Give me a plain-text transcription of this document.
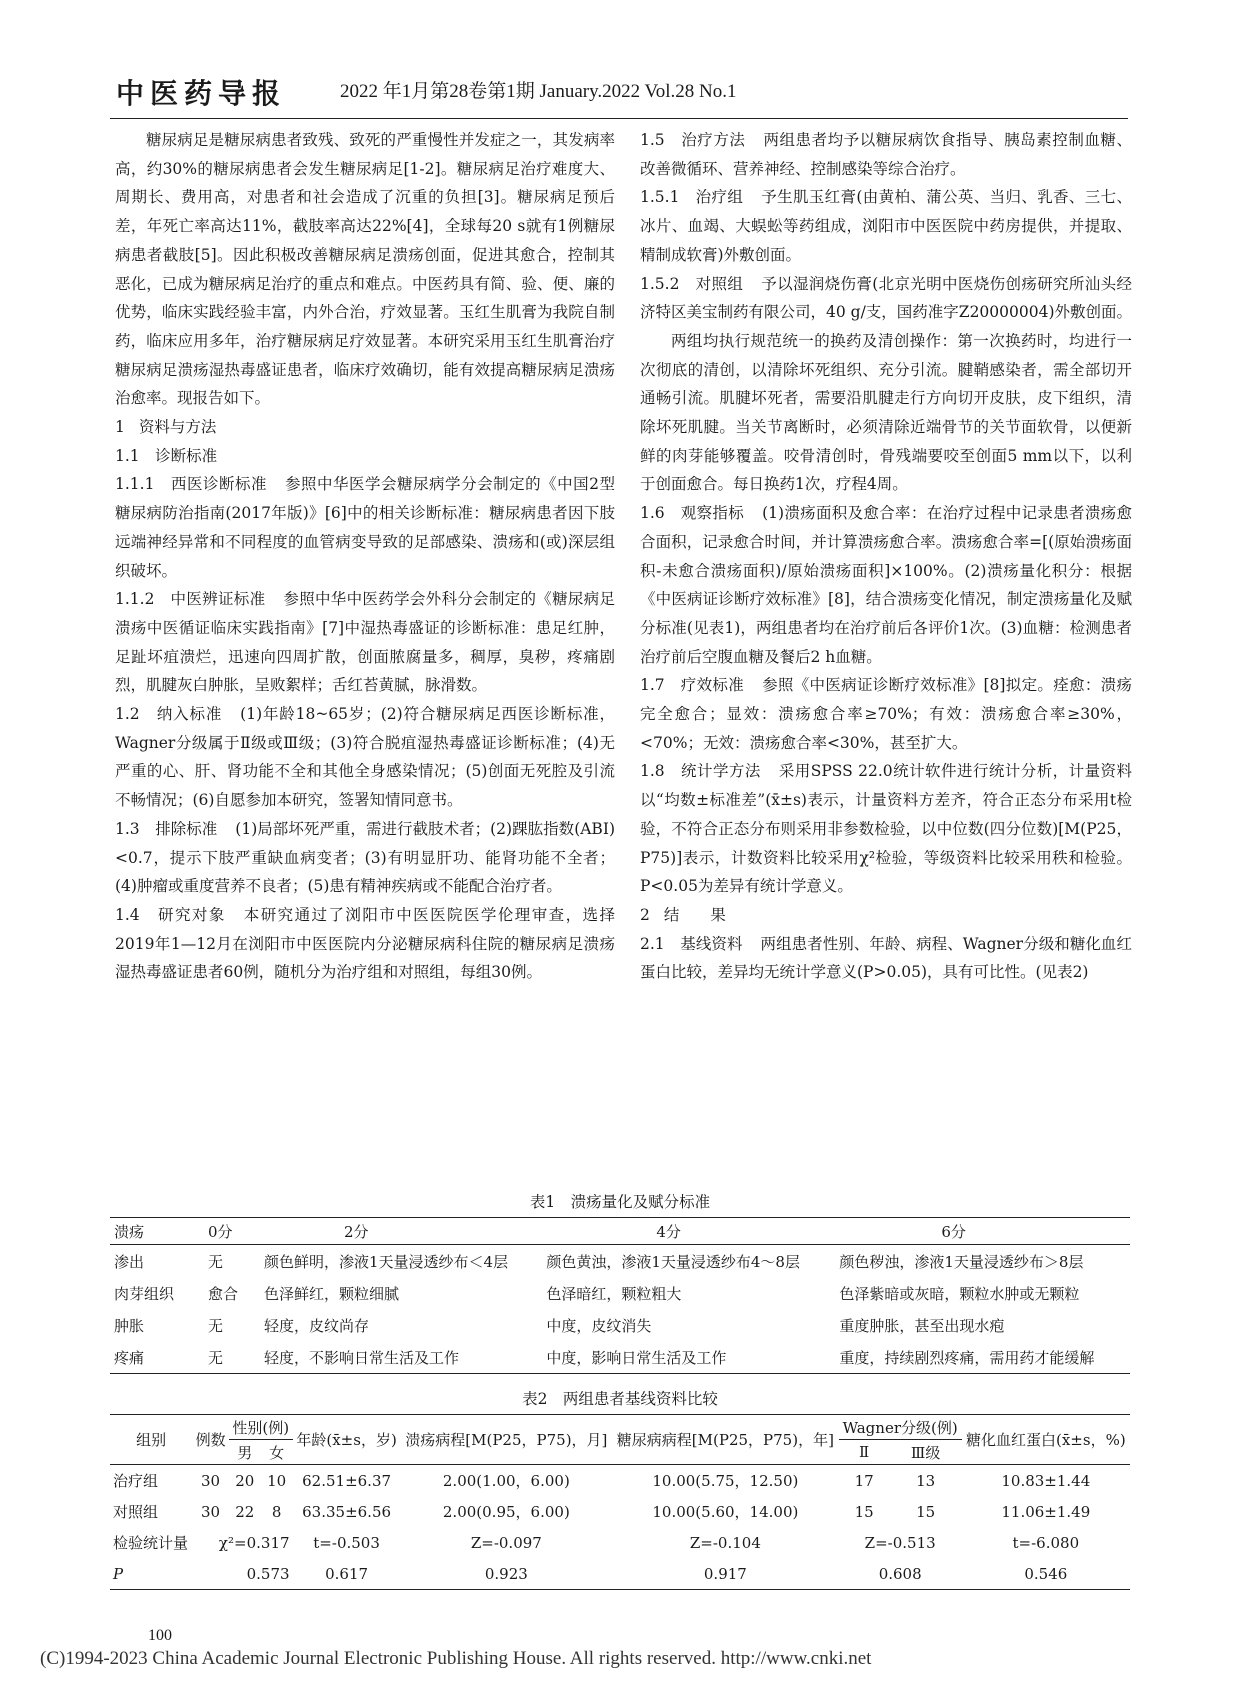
中医药导报	2022 年1月第28卷第1期 January.2022 Vol.28 No.1

糖尿病足是糖尿病患者致残、致死的严重慢性并发症之一，其发病率高，约30%的糖尿病患者会发生糖尿病足[1-2]。糖尿病足治疗难度大、周期长、费用高，对患者和社会造成了沉重的负担[3]。糖尿病足预后差，年死亡率高达11%，截肢率高达22%[4]，全球每20 s就有1例糖尿病患者截肢[5]。因此积极改善糖尿病足溃疡创面，促进其愈合，控制其恶化，已成为糖尿病足治疗的重点和难点。中医药具有简、验、便、廉的优势，临床实践经验丰富，内外合治，疗效显著。玉红生肌膏为我院自制药，临床应用多年，治疗糖尿病足疗效显著。本研究采用玉红生肌膏治疗糖尿病足溃疡湿热毒盛证患者，临床疗效确切，能有效提高糖尿病足溃疡治愈率。现报告如下。

1 资料与方法

1.1　诊断标准

1.1.1　西医诊断标准 参照中华医学会糖尿病学分会制定的《中国2型糖尿病防治指南(2017年版)》[6]中的相关诊断标准：糖尿病患者因下肢远端神经异常和不同程度的血管病变导致的足部感染、溃疡和(或)深层组织破坏。

1.1.2　中医辨证标准 参照中华中医药学会外科分会制定的《糖尿病足溃疡中医循证临床实践指南》[7]中湿热毒盛证的诊断标准：患足红肿，足趾坏疽溃烂，迅速向四周扩散，创面脓腐量多，稠厚，臭秽，疼痛剧烈，肌腱灰白肿胀，呈败絮样；舌红苔黄腻，脉滑数。

1.2　纳入标准 (1)年龄18~65岁；(2)符合糖尿病足西医诊断标准，Wagner分级属于Ⅱ级或Ⅲ级；(3)符合脱疽湿热毒盛证诊断标准；(4)无严重的心、肝、肾功能不全和其他全身感染情况；(5)创面无死腔及引流不畅情况；(6)自愿参加本研究，签署知情同意书。

1.3　排除标准 (1)局部坏死严重，需进行截肢术者；(2)踝肱指数(ABI)<0.7，提示下肢严重缺血病变者；(3)有明显肝功、能肾功能不全者；(4)肿瘤或重度营养不良者；(5)患有精神疾病或不能配合治疗者。

1.4　研究对象 本研究通过了浏阳市中医医院医学伦理审查，选择2019年1—12月在浏阳市中医医院内分泌糖尿病科住院的糖尿病足溃疡湿热毒盛证患者60例，随机分为治疗组和对照组，每组30例。

1.5　治疗方法 两组患者均予以糖尿病饮食指导、胰岛素控制血糖、改善微循环、营养神经、控制感染等综合治疗。

1.5.1　治疗组 予生肌玉红膏(由黄柏、蒲公英、当归、乳香、三七、冰片、血竭、大蜈蚣等药组成，浏阳市中医医院中药房提供，并提取、精制成软膏)外敷创面。

1.5.2　对照组 予以湿润烧伤膏(北京光明中医烧伤创疡研究所汕头经济特区美宝制药有限公司，40 g/支，国药准字Z20000004)外敷创面。

两组均执行规范统一的换药及清创操作：第一次换药时，均进行一次彻底的清创，以清除坏死组织、充分引流。腱鞘感染者，需全部切开通畅引流。肌腱坏死者，需要沿肌腱走行方向切开皮肤，皮下组织，清除坏死肌腱。当关节离断时，必须清除近端骨节的关节面软骨，以便新鲜的肉芽能够覆盖。咬骨清创时，骨残端要咬至创面5 mm以下，以利于创面愈合。每日换药1次，疗程4周。

1.6　观察指标 (1)溃疡面积及愈合率：在治疗过程中记录患者溃疡愈合面积，记录愈合时间，并计算溃疡愈合率。溃疡愈合率=[(原始溃疡面积-未愈合溃疡面积)/原始溃疡面积]×100%。(2)溃疡量化积分：根据《中医病证诊断疗效标准》[8]，结合溃疡变化情况，制定溃疡量化及赋分标准(见表1)，两组患者均在治疗前后各评价1次。(3)血糖：检测患者治疗前后空腹血糖及餐后2 h血糖。

1.7　疗效标准 参照《中医病证诊断疗效标准》[8]拟定。痊愈：溃疡完全愈合；显效：溃疡愈合率≥70%；有效：溃疡愈合率≥30%，<70%；无效：溃疡愈合率<30%，甚至扩大。

1.8　统计学方法 采用SPSS 22.0统计软件进行统计分析，计量资料以“均数±标准差”(x̄±s)表示，计量资料方差齐，符合正态分布采用t检验，不符合正态分布则采用非参数检验，以中位数(四分位数)[M(P25，P75)]表示，计数资料比较采用χ²检验，等级资料比较采用秩和检验。P<0.05为差异有统计学意义。

2 结　　果

2.1　基线资料 两组患者性别、年龄、病程、Wagner分级和糖化血红蛋白比较，差异均无统计学意义(P>0.05)，具有可比性。(见表2)

表1　溃疡量化及赋分标准
溃疡	0分	2分	4分	6分
渗出	无	颜色鲜明，渗液1天量浸透纱布＜4层	颜色黄浊，渗液1天量浸透纱布4～8层	颜色秽浊，渗液1天量浸透纱布＞8层
肉芽组织	愈合	色泽鲜红，颗粒细腻	色泽暗红，颗粒粗大	色泽紫暗或灰暗，颗粒水肿或无颗粒
肿胀	无	轻度，皮纹尚存	中度，皮纹消失	重度肿胀，甚至出现水疱
疼痛	无	轻度，不影响日常生活及工作	中度，影响日常生活及工作	重度，持续剧烈疼痛，需用药才能缓解
表2　两组患者基线资料比较
组别	例数	性别(例)		年龄(x̄±s，岁)	溃疡病程[M(P25，P75)，月]	糖尿病病程[M(P25，P75)，年]	Wagner分级(例)		糖化血红蛋白(x̄±s，%)
		男	女				Ⅱ	Ⅲ级	
治疗组	30	20	10	62.51±6.37	2.00(1.00，6.00)	10.00(5.75，12.50)	17	13	10.83±1.44
对照组	30	22	8	63.35±6.56	2.00(0.95，6.00)	10.00(5.60，14.00)	15	15	11.06±1.49
检验统计量	χ²=0.317			t=-0.503	Z=-0.097	Z=-0.104	Z=-0.513		t=-6.080
P	0.573			0.617	0.923	0.917	0.608		0.546
100
(C)1994-2023 China Academic Journal Electronic Publishing House. All rights reserved. http://www.cnki.net
